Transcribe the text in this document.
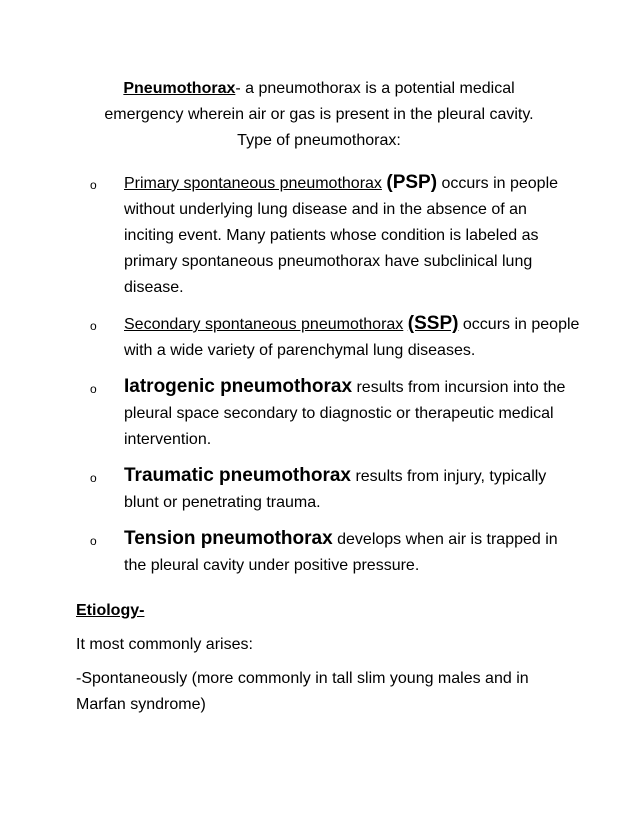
Pneumothorax- a pneumothorax is a potential medical
emergency wherein air or gas is present in the pleural cavity.
Type of pneumothorax:
o Primary spontaneous pneumothorax (PSP) occurs in people without underlying lung disease and in the absence of an inciting event. Many patients whose condition is labeled as primary spontaneous pneumothorax have subclinical lung disease.
o Secondary spontaneous pneumothorax (SSP) occurs in people with a wide variety of parenchymal lung diseases.
o Iatrogenic pneumothorax results from incursion into the pleural space secondary to diagnostic or therapeutic medical intervention.
o Traumatic pneumothorax results from injury, typically blunt or penetrating trauma.
o Tension pneumothorax develops when air is trapped in the pleural cavity under positive pressure.

Etiology-

It most commonly arises:

-Spontaneously (more commonly in tall slim young males and in Marfan syndrome)
